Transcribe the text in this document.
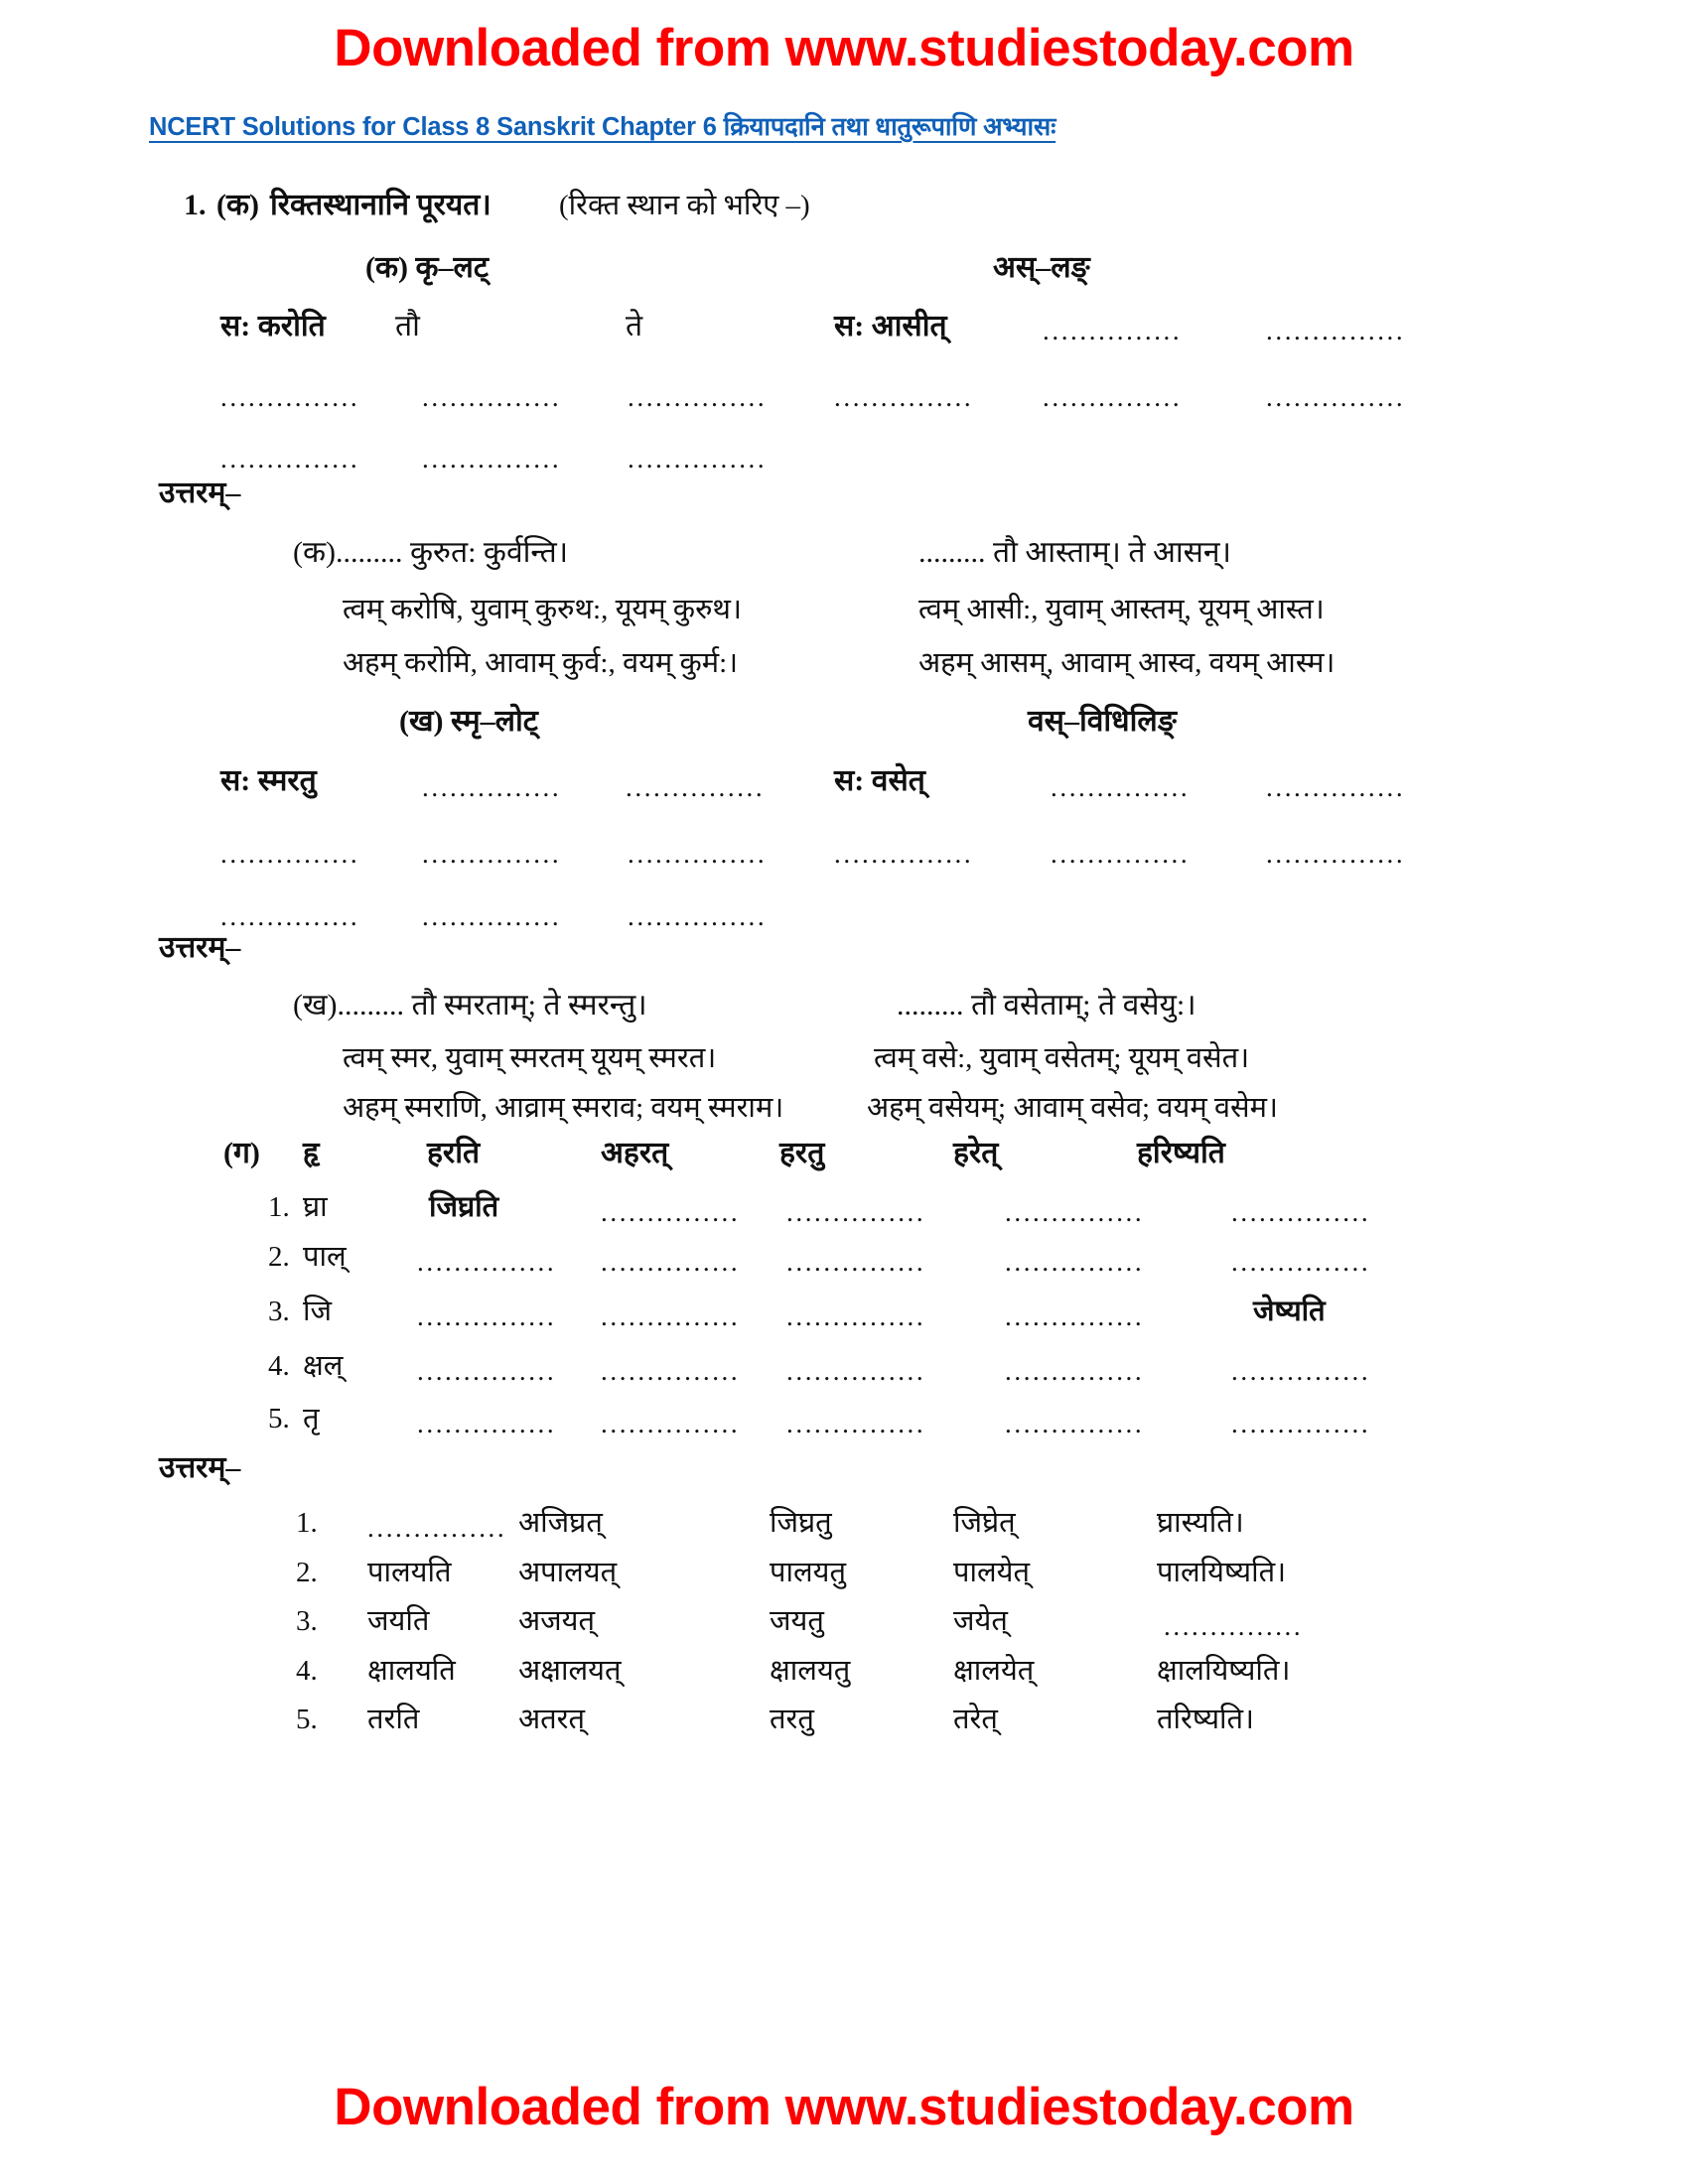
Downloaded from www.studiestoday.com
NCERT Solutions for Class 8 Sanskrit Chapter 6 क्रियापदानि तथा धातुरूपाणि अभ्यासः
1. (क) रिक्तस्थानानि पूरयत। (रिक्त स्थान को भरिए –)
(क) कृ–लट्	अस्–लङ्
स: करोति तौ	ते	स: आसीत्	...............	...............
............... ............... ...............	...............	...............	...............
............... ............... ...............
उत्तरम्–
(क)......... कुरुत: कुर्वन्ति।	......... तौ आस्ताम्। ते आसन्।
त्वम् करोषि, युवाम् कुरुथ:, यूयम् कुरुथ।	त्वम् आसी:, युवाम् आस्तम्, यूयम् आस्त।
अहम् करोमि, आवाम् कुर्व:, वयम् कुर्म:।	अहम् आसम्, आवाम् आस्व, वयम् आस्म।
(ख) स्मृ–लोट्	वस्–विधिलिङ्
स: स्मरतु	............... ............... स: वसेत्	...............	...............
............... ............... ...............	...............	...............	...............
............... ............... ...............
उत्तरम्–
(ख)......... तौ स्मरताम्; ते स्मरन्तु।	......... तौ वसेताम्; ते वसेयु:।
त्वम् स्मर, युवाम् स्मरतम् यूयम् स्मरत।	त्वम् वसे:, युवाम् वसेतम्; यूयम् वसेत।
अहम् स्मराणि, आव्राम् स्मराव; वयम् स्मराम।	अहम् वसेयम्; आवाम् वसेव; वयम् वसेम।
(ग) हृ	हरति	अहरत्	हरतु	हरेत्	हरिष्यति
1. घ्रा	जिघ्रति	............... ...............	...............	...............
2. पाल्	............... ............... ...............	...............	...............
3. जि	............... ............... ...............	...............	जेष्यति
4. क्षल्	............... ............... ...............	...............	...............
5. तृ	............... ............... ...............	...............	...............
उत्तरम्–
1. ............... अजिघ्रत्	जिघ्रतु	जिघ्रेत्	घ्रास्यति।
2. पालयति अपालयत्	पालयतु	पालयेत्	पालयिष्यति।
3. जयति	अजयत्	जयतु	जयेत्	...............
4. क्षालयति अक्षालयत्	क्षालयतु	क्षालयेत्	क्षालयिष्यति।
5. तरति	अतरत्	तरतु	तरेत्	तरिष्यति।
Downloaded from www.studiestoday.com
